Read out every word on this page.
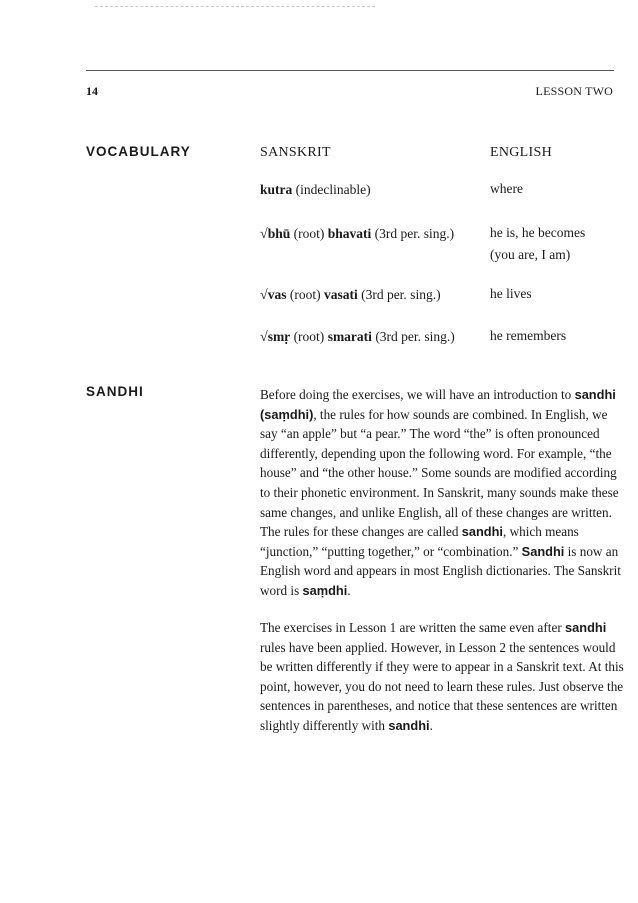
14	LESSON TWO
VOCABULARY	SANSKRIT	ENGLISH
kutra (indeclinable)	where
√bhū (root) bhavati (3rd per. sing.)	he is, he becomes
(you are, I am)
√vas (root) vasati (3rd per. sing.)	he lives
√smṛ (root) smarati (3rd per. sing.)	he remembers
SANDHI	Before doing the exercises, we will have an introduction to sandhi (saṃdhi), the rules for how sounds are combined. In English, we say “an apple” but “a pear.” The word “the” is often pronounced differently, depending upon the following word. For example, “the house” and “the other house.” Some sounds are modified according to their phonetic environment. In Sanskrit, many sounds make these same changes, and unlike English, all of these changes are written. The rules for these changes are called sandhi, which means “junction,” “putting together,” or “combination.” Sandhi is now an English word and appears in most English dictionaries. The Sanskrit word is saṃdhi.

The exercises in Lesson 1 are written the same even after sandhi rules have been applied. However, in Lesson 2 the sentences would be written differently if they were to appear in a Sanskrit text. At this point, however, you do not need to learn these rules. Just observe the sentences in parentheses, and notice that these sentences are written slightly differently with sandhi.
